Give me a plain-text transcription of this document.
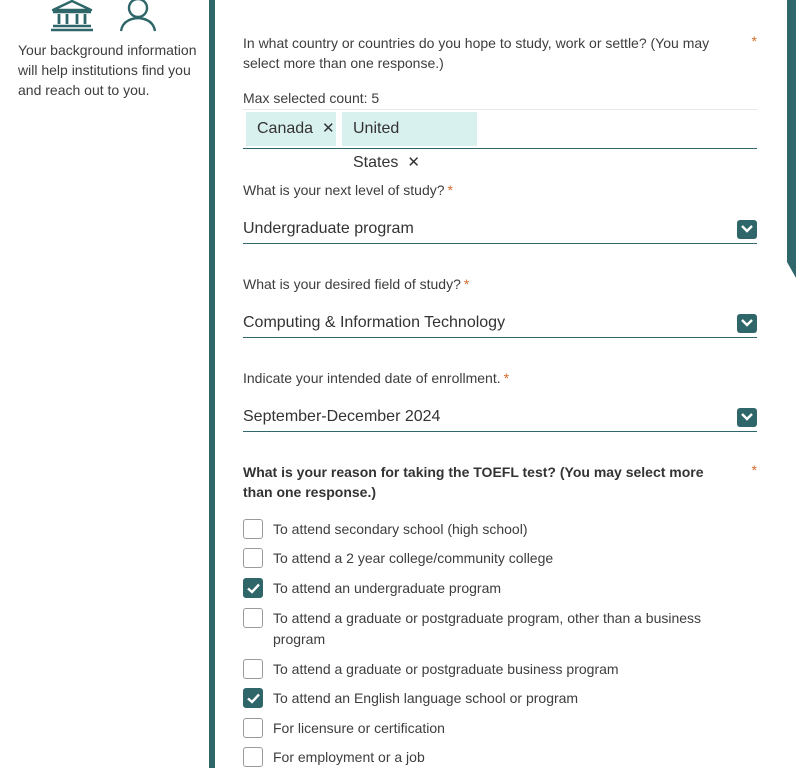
Your background information will help institutions find you and reach out to you.
In what country or countries do you hope to study, work or settle? (You may select more than one response.)
*
Max selected count: 5
Canada ✕	United States ✕
What is your next level of study? *
Undergraduate program
What is your desired field of study? *
Computing & Information Technology
Indicate your intended date of enrollment. *
September-December 2024
What is your reason for taking the TOEFL test? (You may select more than one response.)
*
To attend secondary school (high school)
To attend a 2 year college/community college
To attend an undergraduate program
To attend a graduate or postgraduate program, other than a business program
To attend a graduate or postgraduate business program
To attend an English language school or program
For licensure or certification
For employment or a job
